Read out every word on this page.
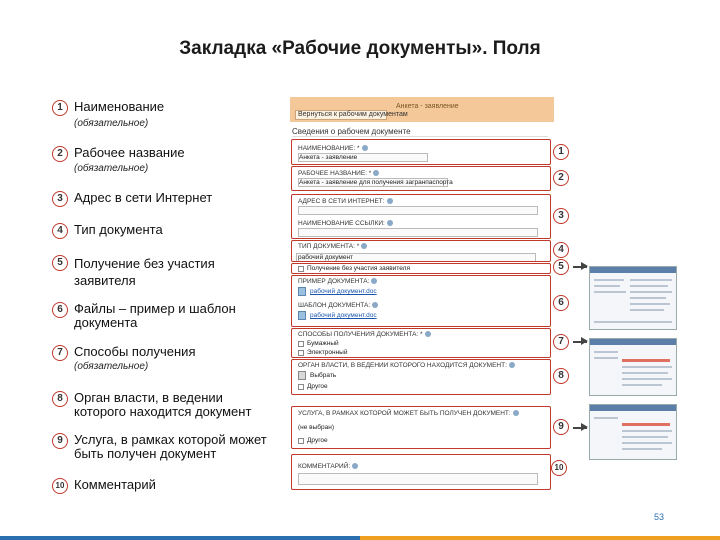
Закладка «Рабочие документы». Поля
1 Наименование
(обязательное)
2 Рабочее название
(обязательное)
3 Адрес в сети Интернет
4 Тип документа
5 Получение без участия заявителя
6 Файлы – пример и шаблон документа
7 Способы получения
(обязательное)
8 Орган власти, в ведении которого находится документ
9 Услуга, в рамках которой может быть получен документ
10 Комментарий
Вернуться к рабочим документам
Анкета - заявление
Сведения о рабочем документе
НАИМЕНОВАНИЕ: *
Анкета - заявление
РАБОЧЕЕ НАЗВАНИЕ: *
Анкета - заявление для получения загранпаспорта
АДРЕС В СЕТИ ИНТЕРНЕТ:
НАИМЕНОВАНИЕ ССЫЛКИ:
ТИП ДОКУМЕНТА: *
рабочий документ
Получение без участия заявителя
ПРИМЕР ДОКУМЕНТА:
рабочий документ.doc
ШАБЛОН ДОКУМЕНТА:
рабочий документ.doc
СПОСОБЫ ПОЛУЧЕНИЯ ДОКУМЕНТА: *
Бумажный
Электронный
ОРГАН ВЛАСТИ, В ВЕДЕНИИ КОТОРОГО НАХОДИТСЯ ДОКУМЕНТ:
Выбрать
Другое
УСЛУГА, В РАМКАХ КОТОРОЙ МОЖЕТ БЫТЬ ПОЛУЧЕН ДОКУМЕНТ:
(не выбран)
Другое
КОММЕНТАРИЙ:
1
2
3
4
5
6
7
8
9
10
53
